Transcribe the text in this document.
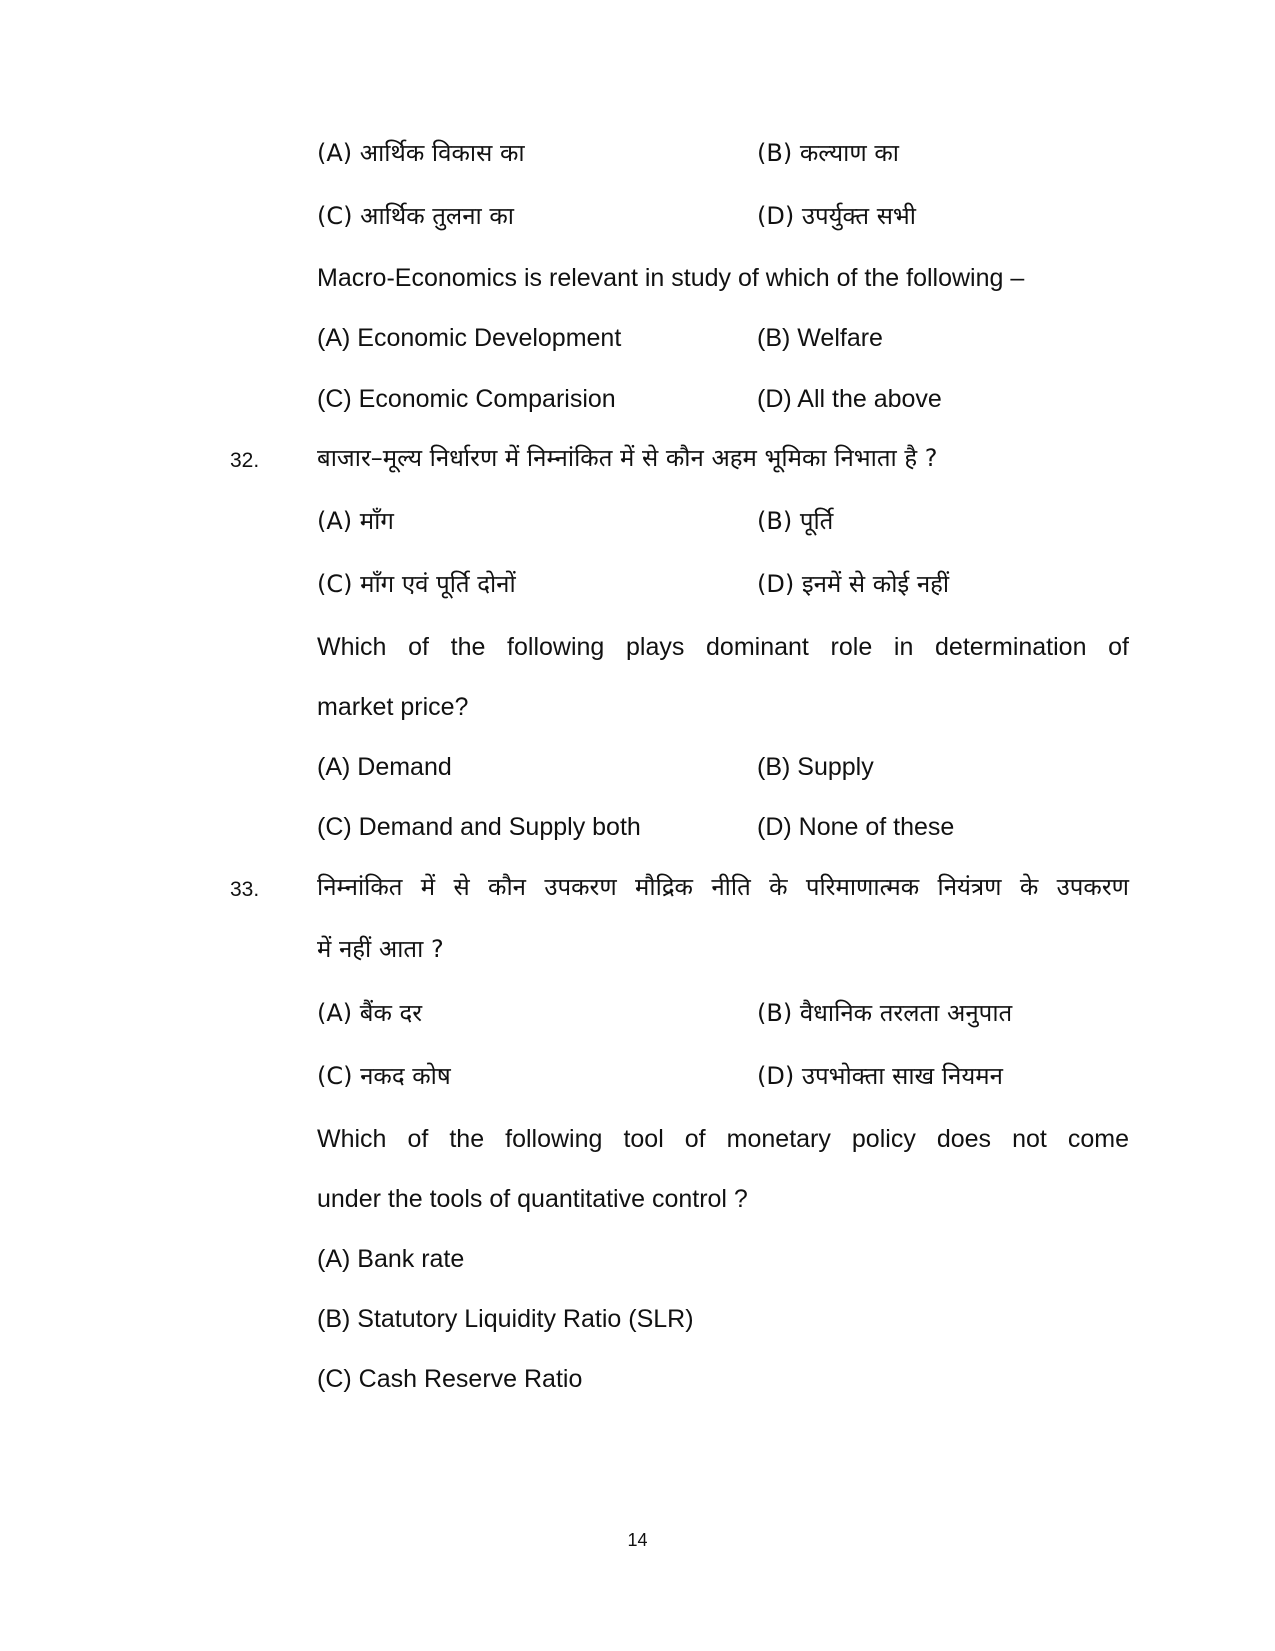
(A) आर्थिक विकास का	(B) कल्याण का
(C) आर्थिक तुलना का	(D) उपर्युक्त सभी
Macro-Economics is relevant in study of which of the following –
(A) Economic Development	(B) Welfare
(C) Economic Comparision	(D) All the above
32. बाजार–मूल्य निर्धारण में निम्नांकित में से कौन अहम भूमिका निभाता है ?
(A) माँग	(B) पूर्ति
(C) माँग एवं पूर्ति दोनों	(D) इनमें से कोई नहीं
Which of the following plays dominant role in determination of
market price?
(A) Demand	(B) Supply
(C) Demand and Supply both	(D) None of these
33. निम्नांकित में से कौन उपकरण मौद्रिक नीति के परिमाणात्मक नियंत्रण के उपकरण
में नहीं आता ?
(A) बैंक दर	(B) वैधानिक तरलता अनुपात
(C) नकद कोष	(D) उपभोक्ता साख नियमन
Which of the following tool of monetary policy does not come
under the tools of quantitative control ?
(A) Bank rate
(B) Statutory Liquidity Ratio (SLR)
(C) Cash Reserve Ratio
14
